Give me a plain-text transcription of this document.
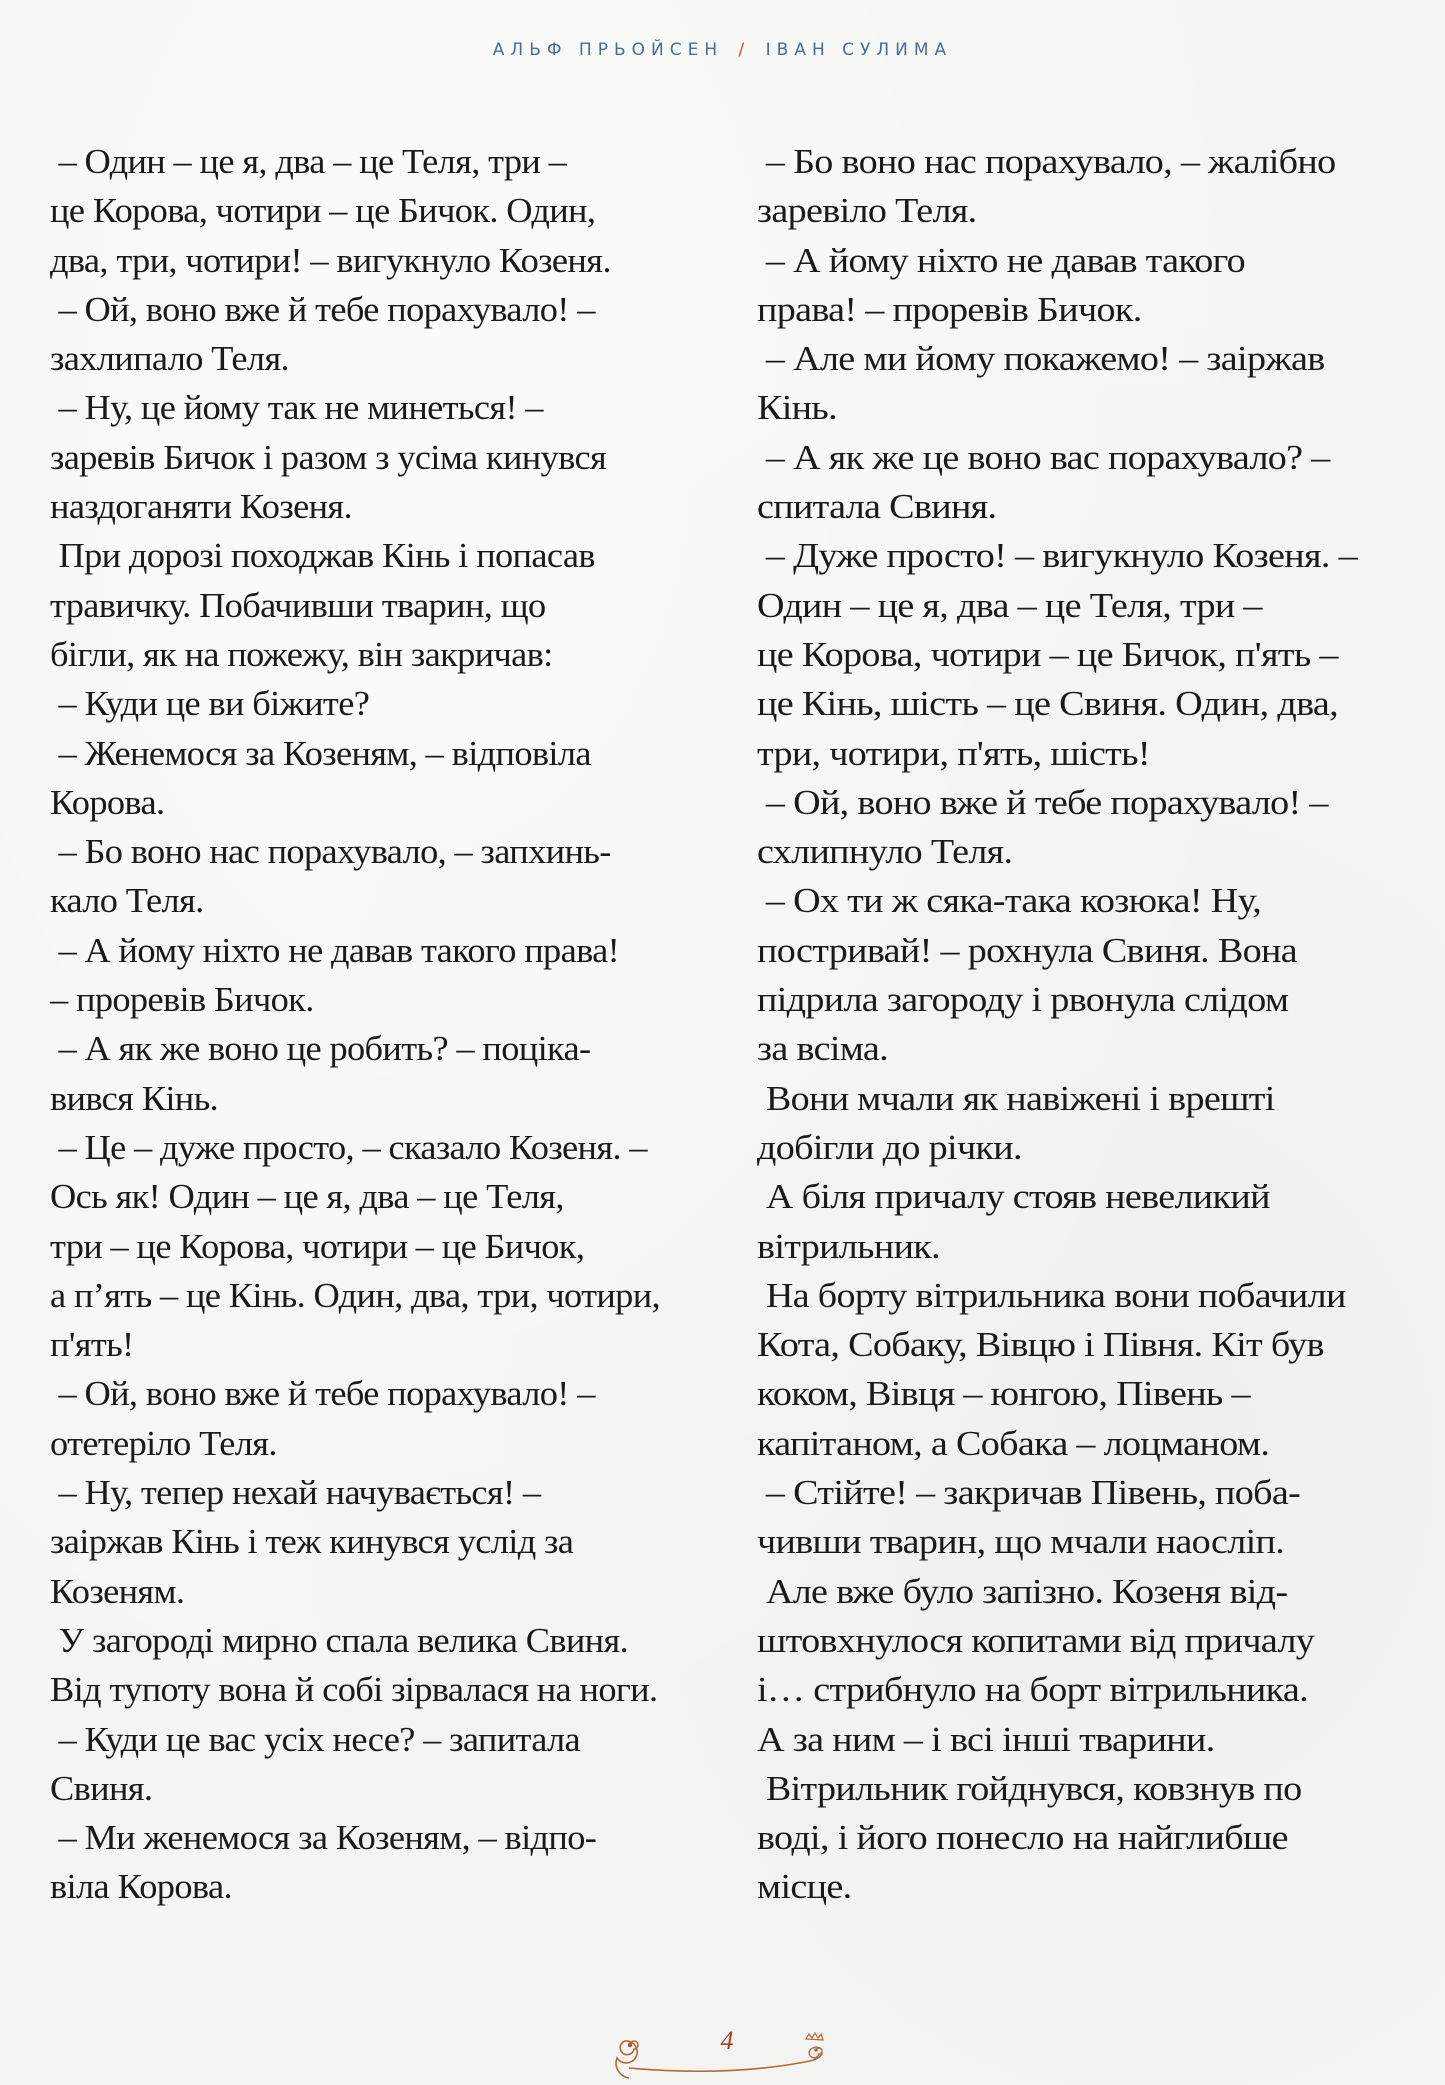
АЛЬФ ПРЬОЙСЕН / ІВАН СУЛИМА
– Один – це я, два – це Теля, три –
це Корова, чотири – це Бичок. Один,
два, три, чотири! – вигукнуло Козеня.
– Ой, воно вже й тебе порахувало! –
захлипало Теля.
– Ну, це йому так не минеться! –
заревів Бичок і разом з усіма кинувся
наздоганяти Козеня.
При дорозі походжав Кінь і попасав
травичку. Побачивши тварин, що
бігли, як на пожежу, він закричав:
– Куди це ви біжите?
– Женемося за Козеням, – відповіла
Корова.
– Бо воно нас порахувало, – запхинь-
кало Теля.
– А йому ніхто не давав такого права!
– проревів Бичок.
– А як же воно це робить? – поціка-
вився Кінь.
– Це – дуже просто, – сказало Козеня. –
Ось як! Один – це я, два – це Теля,
три – це Корова, чотири – це Бичок,
а п’ять – це Кінь. Один, два, три, чотири,
п'ять!
– Ой, воно вже й тебе порахувало! –
отетеріло Теля.
– Ну, тепер нехай начувається! –
заіржав Кінь і теж кинувся услід за
Козеням.
У загороді мирно спала велика Свиня.
Від тупоту вона й собі зірвалася на ноги.
– Куди це вас усіх несе? – запитала
Свиня.
– Ми женемося за Козеням, – відпо-
віла Корова.
– Бо воно нас порахувало, – жалібно
заревіло Теля.
– А йому ніхто не давав такого
права! – проревів Бичок.
– Але ми йому покажемо! – заіржав
Кінь.
– А як же це воно вас порахувало? –
спитала Свиня.
– Дуже просто! – вигукнуло Козеня. –
Один – це я, два – це Теля, три –
це Корова, чотири – це Бичок, п'ять –
це Кінь, шість – це Свиня. Один, два,
три, чотири, п'ять, шість!
– Ой, воно вже й тебе порахувало! –
схлипнуло Теля.
– Ох ти ж сяка-така козюка! Ну,
постривай! – рохнула Свиня. Вона
підрила загороду і рвонула слідом
за всіма.
Вони мчали як навіжені і врешті
добігли до річки.
А біля причалу стояв невеликий
вітрильник.
На борту вітрильника вони побачили
Кота, Собаку, Вівцю і Півня. Кіт був
коком, Вівця – юнгою, Півень –
капітаном, а Собака – лоцманом.
– Стійте! – закричав Півень, поба-
чивши тварин, що мчали наосліп.
Але вже було запізно. Козеня від-
штовхнулося копитами від причалу
і… стрибнуло на борт вітрильника.
А за ним – і всі інші тварини.
Вітрильник гойднувся, ковзнув по
воді, і його понесло на найглибше
місце.
4
